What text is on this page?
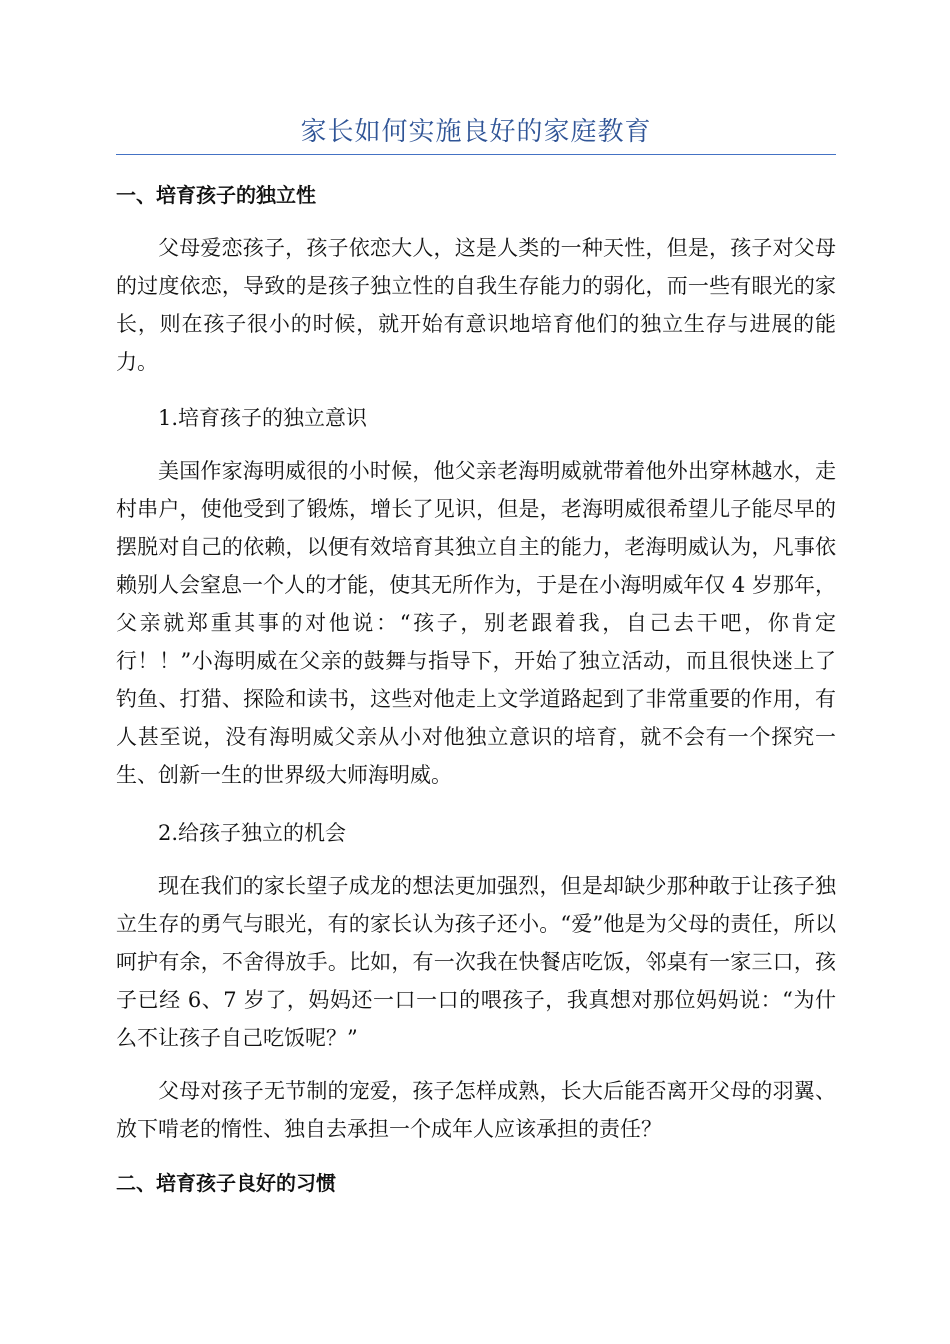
家长如何实施良好的家庭教育
一、培育孩子的独立性

父母爱恋孩子，孩子依恋大人，这是人类的一种天性，但是，孩子对父母的过度依恋，导致的是孩子独立性的自我生存能力的弱化，而一些有眼光的家长，则在孩子很小的时候，就开始有意识地培育他们的独立生存与进展的能力。

1.培育孩子的独立意识

美国作家海明威很的小时候，他父亲老海明威就带着他外出穿林越水，走村串户，使他受到了锻炼，增长了见识，但是，老海明威很希望儿子能尽早的摆脱对自己的依赖，以便有效培育其独立自主的能力，老海明威认为，凡事依赖别人会窒息一个人的才能，使其无所作为，于是在小海明威年仅 4 岁那年，父亲就郑重其事的对他说：“孩子，别老跟着我，自己去干吧，你肯定行！！”小海明威在父亲的鼓舞与指导下，开始了独立活动，而且很快迷上了钓鱼、打猎、探险和读书，这些对他走上文学道路起到了非常重要的作用，有人甚至说，没有海明威父亲从小对他独立意识的培育，就不会有一个探究一生、创新一生的世界级大师海明威。

2.给孩子独立的机会

现在我们的家长望子成龙的想法更加强烈，但是却缺少那种敢于让孩子独立生存的勇气与眼光，有的家长认为孩子还小。“爱”他是为父母的责任，所以呵护有余，不舍得放手。比如，有一次我在快餐店吃饭，邻桌有一家三口，孩子已经 6、7 岁了，妈妈还一口一口的喂孩子，我真想对那位妈妈说：“为什么不让孩子自己吃饭呢？”

父母对孩子无节制的宠爱，孩子怎样成熟，长大后能否离开父母的羽翼、放下啃老的惰性、独自去承担一个成年人应该承担的责任？

二、培育孩子良好的习惯
